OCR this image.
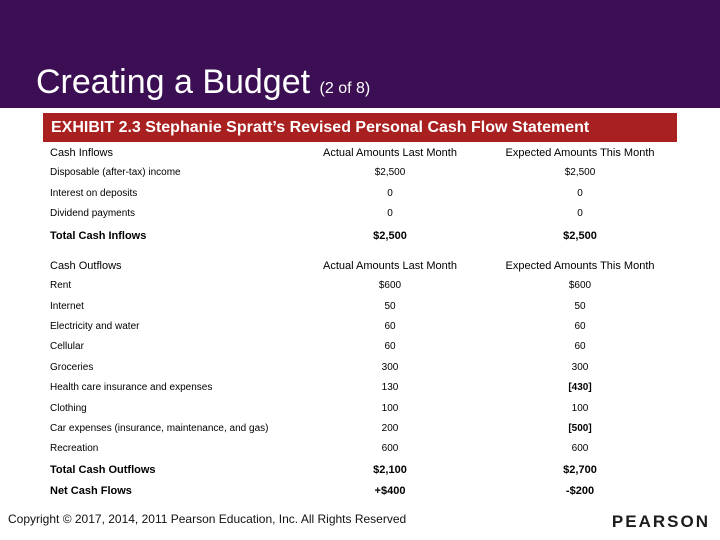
Creating a Budget (2 of 8)
EXHIBIT 2.3 Stephanie Spratt’s Revised Personal Cash Flow Statement
Cash Inflows	Actual Amounts Last Month	Expected Amounts This Month
Disposable (after-tax) income	$2,500	$2,500
Interest on deposits	0	0
Dividend payments	0	0
Total Cash Inflows	$2,500	$2,500
Cash Outflows	Actual Amounts Last Month	Expected Amounts This Month
Rent	$600	$600
Internet	50	50
Electricity and water	60	60
Cellular	60	60
Groceries	300	300
Health care insurance and expenses	130	[430]
Clothing	100	100
Car expenses (insurance, maintenance, and gas)	200	[500]
Recreation	600	600
Total Cash Outflows	$2,100	$2,700
Net Cash Flows	+$400	-$200
Copyright © 2017, 2014, 2011 Pearson Education, Inc. All Rights Reserved	PEARSON
